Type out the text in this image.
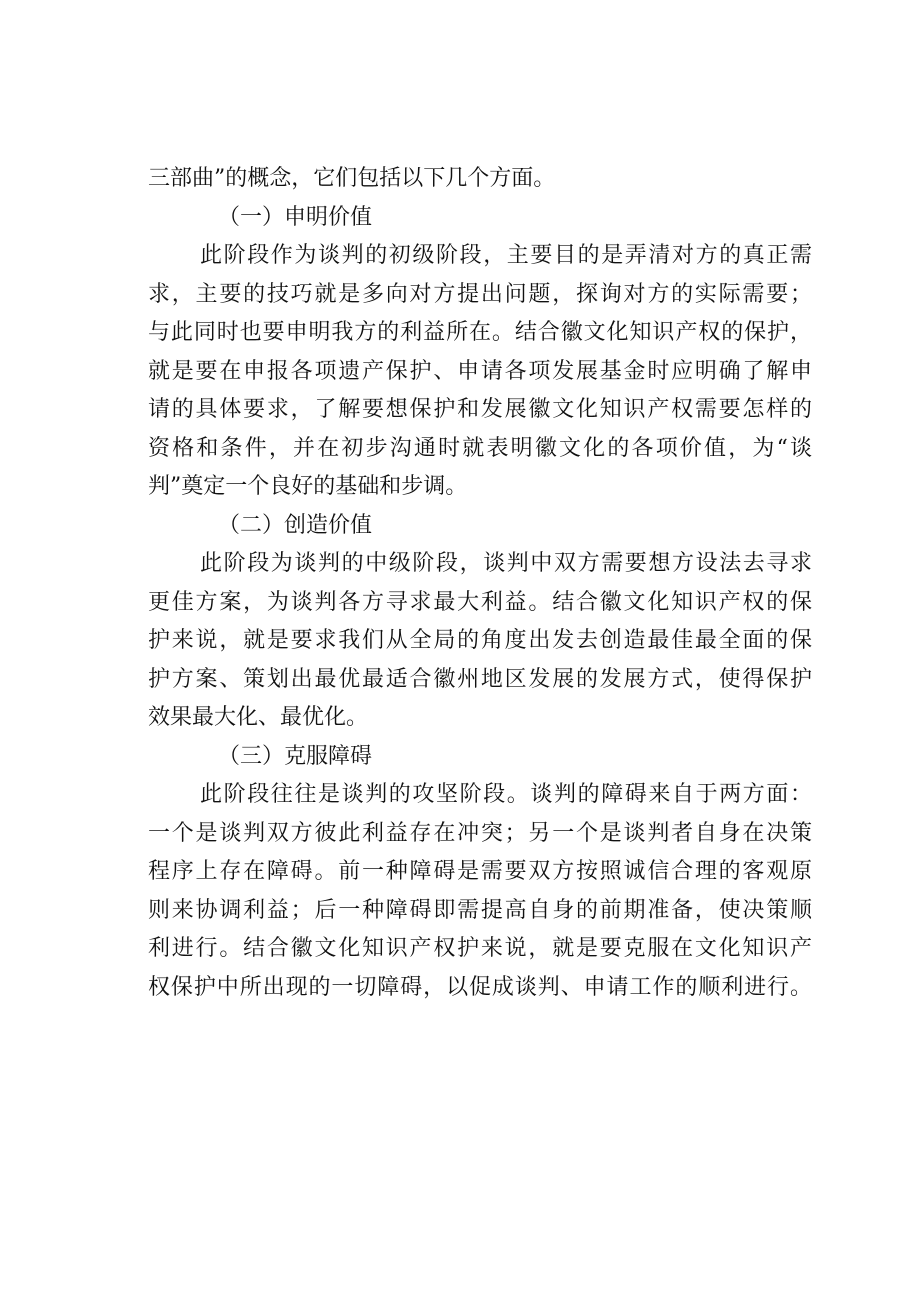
三部曲”的概念，它们包括以下几个方面。

（一）申明价值

此阶段作为谈判的初级阶段，主要目的是弄清对方的真正需

求，主要的技巧就是多向对方提出问题，探询对方的实际需要；

与此同时也要申明我方的利益所在。结合徽文化知识产权的保护，

就是要在申报各项遗产保护、申请各项发展基金时应明确了解申

请的具体要求，了解要想保护和发展徽文化知识产权需要怎样的

资格和条件，并在初步沟通时就表明徽文化的各项价值，为“谈

判”奠定一个良好的基础和步调。

（二）创造价值

此阶段为谈判的中级阶段，谈判中双方需要想方设法去寻求

更佳方案，为谈判各方寻求最大利益。结合徽文化知识产权的保

护来说，就是要求我们从全局的角度出发去创造最佳最全面的保

护方案、策划出最优最适合徽州地区发展的发展方式，使得保护

效果最大化、最优化。

（三）克服障碍

此阶段往往是谈判的攻坚阶段。谈判的障碍来自于两方面：

一个是谈判双方彼此利益存在冲突；另一个是谈判者自身在决策

程序上存在障碍。前一种障碍是需要双方按照诚信合理的客观原

则来协调利益；后一种障碍即需提高自身的前期准备，使决策顺

利进行。结合徽文化知识产权护来说，就是要克服在文化知识产

权保护中所出现的一切障碍，以促成谈判、申请工作的顺利进行。
